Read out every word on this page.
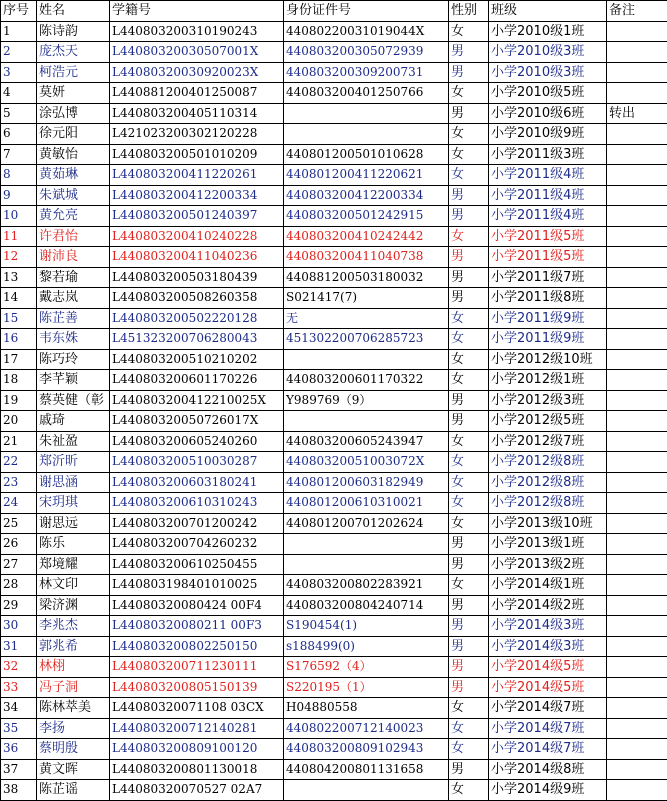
序号	姓名	学籍号	身份证件号	性别	班级	备注
1	陈诗韵	L440803200310190243	44080220031019044X	女	小学2010级1班	
2	庞杰天	L44080320030507001X	440803200305072939	男	小学2010级3班	
3	柯浩元	L44080320030920023X	440803200309200731	男	小学2010级3班	
4	莫妍	L440881200401250087	440803200401250766	女	小学2010级5班	
5	涂弘博	L440803200405110314		男	小学2010级6班	转出
6	徐元阳	L421023200302120228		女	小学2010级9班	
7	黄敏怡	L440803200501010209	440801200501010628	女	小学2011级3班	
8	黄茹琳	L440803200411220261	440801200411220621	女	小学2011级4班	
9	朱斌城	L440803200412200334	440803200412200334	男	小学2011级4班	
10	黄允亮	L440803200501240397	440803200501242915	男	小学2011级4班	
11	许君怡	L440803200410240228	440803200410242442	女	小学2011级5班	
12	谢沛良	L440803200411040236	440803200411040738	男	小学2011级5班	
13	黎若瑜	L440803200503180439	440881200503180032	男	小学2011级7班	
14	戴志岚	L440803200508260358	S021417(7)	男	小学2011级8班	
15	陈芷善	L440803200502220128	无	女	小学2011级9班	
16	韦东姝	L451323200706280043	451302200706285723	女	小学2011级9班	
17	陈巧玲	L440803200510210202		女	小学2012级10班	
18	李芊颖	L440803200601170226	440803200601170322	女	小学2012级1班	
19	蔡英健（彰	L440803200412210025X	Y989769（9）	男	小学2012级3班	
20	戚琦	L44080320050726017X		男	小学2012级5班	
21	朱祉盈	L440803200605240260	440803200605243947	女	小学2012级7班	
22	郑沂昕	L440803200510030287	44080320051003072X	女	小学2012级8班	
23	谢思涵	L440803200603180241	440801200603182949	女	小学2012级8班	
24	宋玥琪	L440803200610310243	440801200610310021	女	小学2012级8班	
25	谢思远	L440803200701200242	440801200701202624	女	小学2013级10班	
26	陈乐	L440803200704260232		男	小学2013级1班	
27	郑境耀	L440803200610250455		男	小学2013级2班	
28	林文印	L440803198401010025	440803200802283921	女	小学2014级1班	
29	梁济渊	L44080320080424 00F4	440803200804240714	男	小学2014级2班	
30	李兆杰	L44080320080211 00F3	S190454(1)	男	小学2014级3班	
31	郭兆希	L440803200802250150	s188499(0)	男	小学2014级3班	
32	林栩	L440803200711230111	S176592（4）	男	小学2014级5班	
33	冯子洞	L440803200805150139	S220195（1）	男	小学2014级5班	
34	陈林萃美	L44080320071108 03CX	H04880558	女	小学2014级7班	
35	李扬	L440803200712140281	440802200712140023	女	小学2014级7班	
36	蔡明殷	L440803200809100120	440803200809102943	女	小学2014级7班	
37	黄文晖	L440803200801130018	440804200801131658	男	小学2014级8班	
38	陈芷谣	L44080320070527 02A7		女	小学2014级9班	
